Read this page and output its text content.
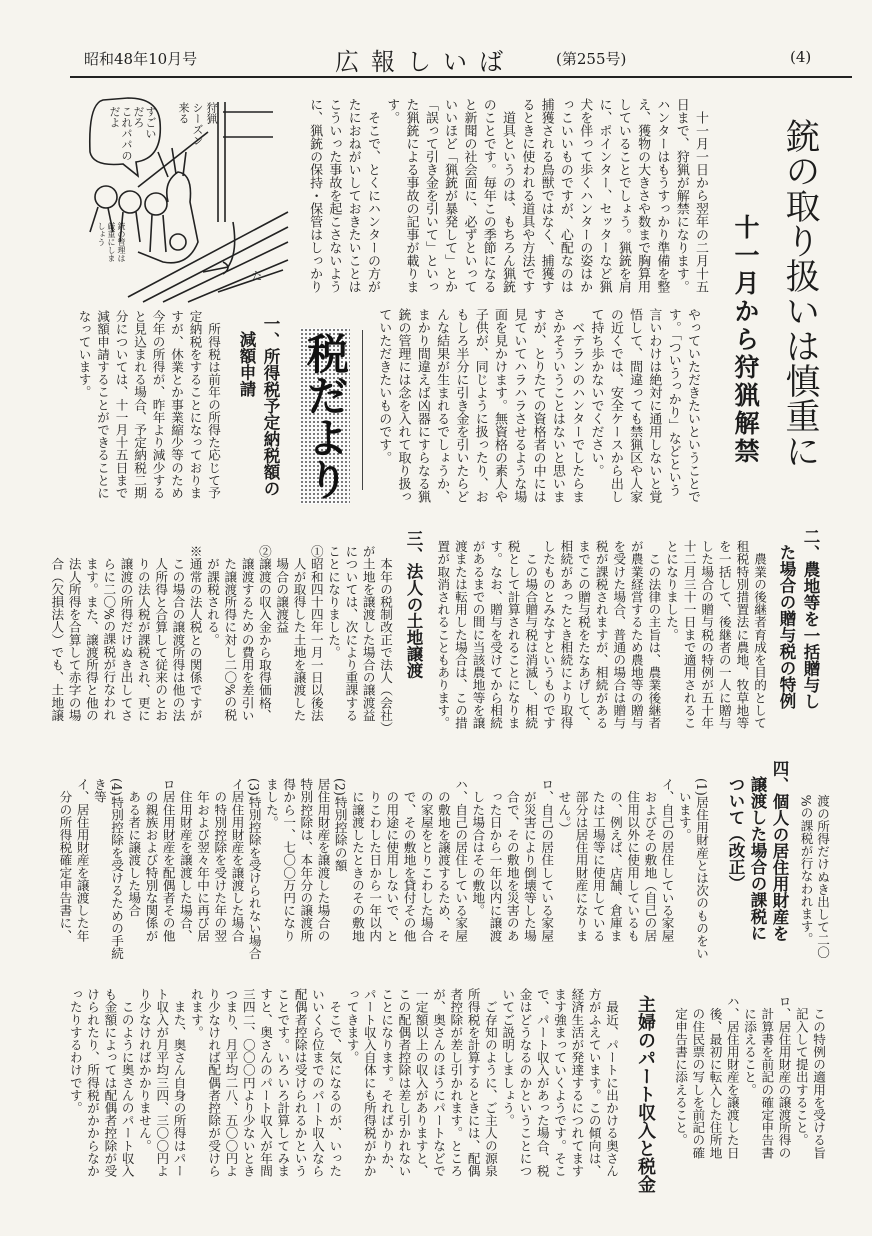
昭和48年10月号	広報しいば	(第255号)	(4)
銃の取り扱いは慎重に
十一月から狩猟解禁
　十一月一日から翌年の二月十五
日まで、狩猟が解禁になります。
ハンターはもうすっかり準備を整
え、獲物の大きさや数まで胸算用
していることでしょう。猟銃を肩
に、ポインター、セッターなど猟
犬を伴って歩くハンターの姿はか
っこいいものですが、心配なのは
捕獲される鳥獣ではなく、捕獲す
るときに使われる道具や方法です
　道具というのは、もちろん猟銃
のことです。毎年この季節になる
と新聞の社会面に、必ずといって
いいほど「猟銃が暴発して」とか
「誤って引き金を引いて」といっ
た猟銃による事故の記事が載りま
す。
　そこで、とくにハンターの方が
たにおねがいしておきたいことは
こういった事故を起こさないよう
に、猟銃の保持・保管はしっかり
やっていただきたいということで
す。「ついうっかり」などという
言いわけは絶対に通用しないと覚
悟して、間違っても禁猟区や人家
の近くでは、安全ケースから出し
て持ち歩かないでください。
　ベテランのハンターでしたらま
さかそういうことはないと思いま
すが、とりたての資格者の中には
見ていてハラハラさせるような場
面を見かけます。無資格の素人や
子供が、同じように扱ったり、お
もしろ半分に引き金を引いたらど
んな結果が生まれるでしょうか、
まかり間違えば凶器にすらなる猟
銃の管理には念を入れて取り扱っ
ていただきたいものです。
すごい
だろ
これパパの
だよ	狩猟
シーズン
来る
銃の管理は
厳重にしま
しょう
た
税だより
一、所得税予定納税額の
減額申請
　所得税は前年の所得た応じて予
定納税をすることになっておりま
すが、休業とか事業縮少等のため
今年の所得が、昨年より減少する
と見込まれる場合、予定納税二期
分については、十一月十五日まで
減額申請することができることに
なっています。
二、農地等を一括贈与し
た場合の贈与税の特例
　農業の後継者育成を目的として
租税特別措置法に農地、牧草地等
を一括して、後継者の一人に贈与
した場合の贈与税の特例が五十年
十二月三十一日まで適用されるこ
とになりました。
　この法律の主旨は、農業後継者
が農業経営するため農地等の贈与
を受けた場合、普通の場合は贈与
税が課税されますが、相続がある
までこの贈与税をたなあげして、
相続があったとき相続により取得
したものとみなすというものです
　この場合贈与税は消滅し、相続
税として計算されることになりま
す。なお、贈与を受けてから相続
があるまでの間に当該農地等を譲
渡または転用した場合は、この措
置が取消されることもあります。
三、法人の土地譲渡
　本年の税制改正で法人（会社）
が土地を譲渡した場合の譲渡益
については、次により重課する
ことになりました。
①昭和四十四年一月一日以後法
　人が取得した土地を譲渡した
　場合の譲渡益
②譲渡の収入金から取得価格、
　譲渡するための費用を差引い
　た譲渡所得に対し二〇%の税
　が課税される。
※通常の法人税との関係ですが
　この場合の譲渡所得は他の法
　人所得と合算して従来のとお
　りの法人税が課税され、更に
　譲渡の所得だけぬき出してさ
　らに二〇%の課税が行なわれ
　ます。また、譲渡所得と他の
　法人所得を合算して赤字の場
　合（欠損法人）でも、土地譲
　渡の所得だけぬき出して二〇
　%の課税が行なわれます。
四、個人の居住用財産を
譲渡した場合の課税に
ついて（改正）
(1)居住用財産とは次のものをい
　います。
イ、自己の居住している家屋
　およびその敷地（自己の居
　住用以外に使用しているも
　の、例えば、店舗、倉庫ま
　たは工場等に使用している
　部分は居住用財産になりま
　せん。）
ロ、自己の居住している家屋
　が災害により倒壊等した場
　合で、その敷地を災害のあ
　った日から一年以内に譲渡
　した場合はその敷地。
ハ、自己の居住している家屋
　の敷地を譲渡するため、そ
　の家屋をとりこわした場合
　で、その敷地を貸付その他
　の用途に使用しないで、と
　りこわした日から一年以内
　に譲渡したときのその敷地
(2)特別控除の額
居住用財産を譲渡した場合の
特別控除は、本年分の譲渡所
得から一、七〇〇万円になり
ました。
(3)特別控除を受けられない場合
イ居住用財産を譲渡した場合
　の特別控除を受けた年の翌
　年および翌々年中に再び居
　住用財産を譲渡した場合、
ロ居住用財産を配偶者その他
　の親族および特別な関係が
　ある者に譲渡した場合
(4)特別控除を受けるための手続
き等
イ、居住用財産を譲渡した年
　分の所得税確定申告書に、
　この特例の適用を受ける旨
　記入して提出すること。
ロ、居住用財産の譲渡所得の
　計算書を前記の確定申告書
　に添えること。
ハ、居住用財産を譲渡した日
　後、最初に転入した住所地
　の住民票の写しを前記の確
　定申告書に添えること。
主婦のパート収入と税金
　最近、パートに出かける奥さん
方がふえています。この傾向は、
経済生活が発達するにつれてます
ます強まっていくようです。そこ
で、パート収入があった場合、税
金はどうなるのかということにつ
いてご説明しましょう。
　ご存知のように、ご主人の源泉
所得税を計算するときには、配偶
者控除が差し引かれます。ところ
が、奥さんのほうにパートなどで
一定額以上の収入がありますと、
この配偶者控除は差し引かれない
ことになります。そればかりか、
パート収入自体にも所得税がかか
ってきます。
　そこで、気になるのが、いった
いいくら位までのパート収入なら
配偶者控除は受けられるかという
ことです。いろいろ計算してみま
すと、奥さんのパート収入が年間
三四二、〇〇〇円より少ないとき
つまり、月平均二八、五〇〇円よ
り少なければ配偶者控除が受けら
れます。
　また、奥さん自身の所得はパー
ト収入が月平均三四、三〇〇円よ
り少なければかかりません。
　このように奥さんのパート収入
も金額によっては配偶者控除が受
けられたり、所得税がかからなか
ったりするわけです。
